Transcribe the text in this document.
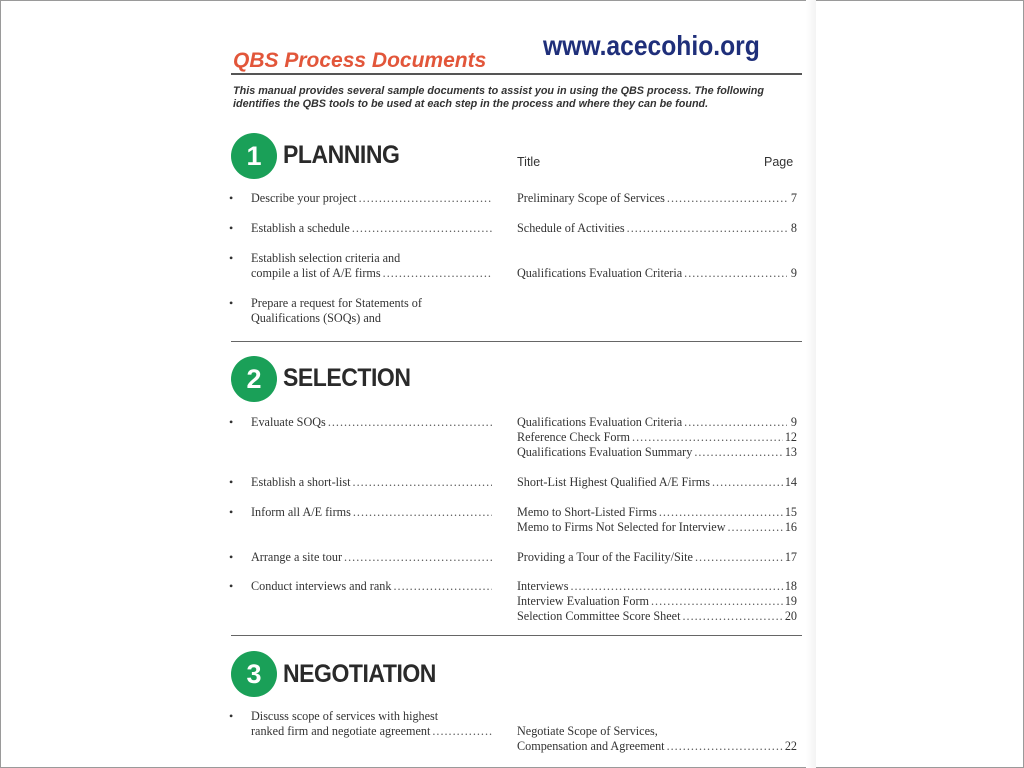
QBS Process Documents www.acecohio.org
This manual provides several sample documents to assist you in using the QBS process. The following identifies the QBS tools to be used at each step in the process and where they can be found.
1 PLANNING	Title	Page
• Describe your project .....	Preliminary Scope of Services .....	7
• Establish a schedule .....	Schedule of Activities .....	8
• Establish selection criteria and
compile a list of A/E firms .....	Qualifications Evaluation Criteria .....	9
• Prepare a request for Statements of
Qualifications (SOQs) and
2 SELECTION
• Evaluate SOQs .....	Qualifications Evaluation Criteria .....	9
Reference Check Form .....	12
Qualifications Evaluation Summary .....	13
• Establish a short-list .....	Short-List Highest Qualified A/E Firms .....	14
• Inform all A/E firms .....	Memo to Short-Listed Firms .....	15
Memo to Firms Not Selected for Interview .....	16
• Arrange a site tour .....	Providing a Tour of the Facility/Site .....	17
• Conduct interviews and rank .....	Interviews .....	18
Interview Evaluation Form .....	19
Selection Committee Score Sheet .....	20
3 NEGOTIATION
• Discuss scope of services with highest
ranked firm and negotiate agreement .....	Negotiate Scope of Services,
Compensation and Agreement .....	22
